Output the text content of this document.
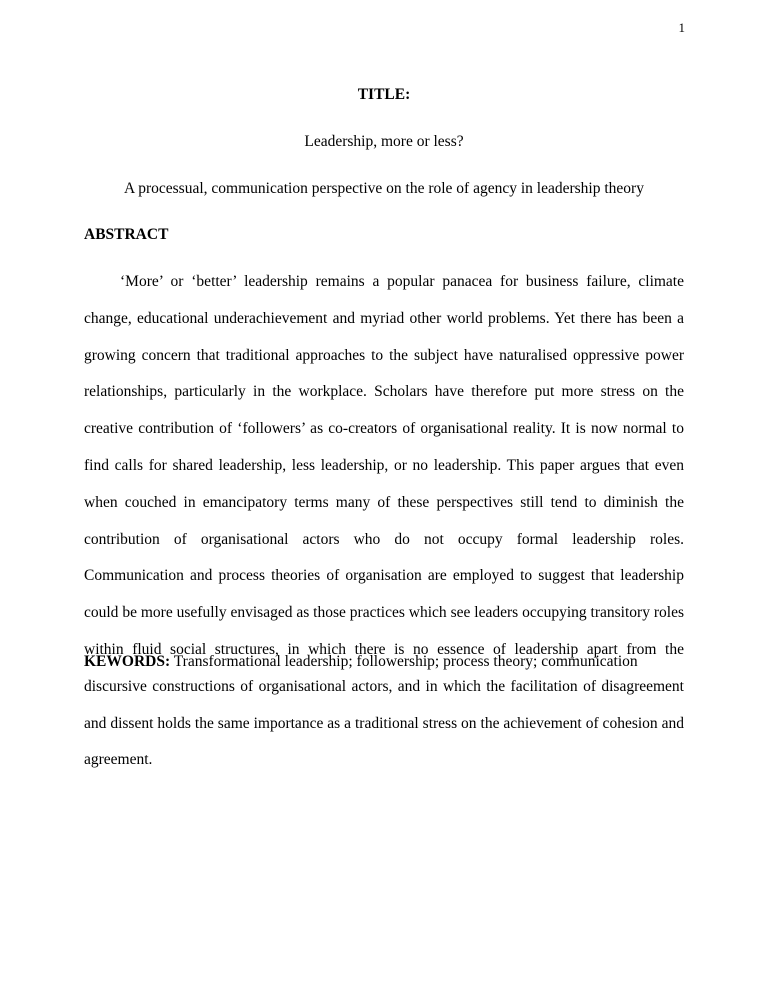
1
TITLE:
Leadership, more or less?
A processual, communication perspective on the role of agency in leadership theory
ABSTRACT

‘More’ or ‘better’ leadership remains a popular panacea for business failure, climate change, educational underachievement and myriad other world problems. Yet there has been a growing concern that traditional approaches to the subject have naturalised oppressive power relationships, particularly in the workplace. Scholars have therefore put more stress on the creative contribution of ‘followers’ as co-creators of organisational reality. It is now normal to find calls for shared leadership, less leadership, or no leadership. This paper argues that even when couched in emancipatory terms many of these perspectives still tend to diminish the contribution of organisational actors who do not occupy formal leadership roles. Communication and process theories of organisation are employed to suggest that leadership could be more usefully envisaged as those practices which see leaders occupying transitory roles within fluid social structures, in which there is no essence of leadership apart from the discursive constructions of organisational actors, and in which the facilitation of disagreement and dissent holds the same importance as a traditional stress on the achievement of cohesion and agreement.

KEWORDS: Transformational leadership; followership; process theory; communication
